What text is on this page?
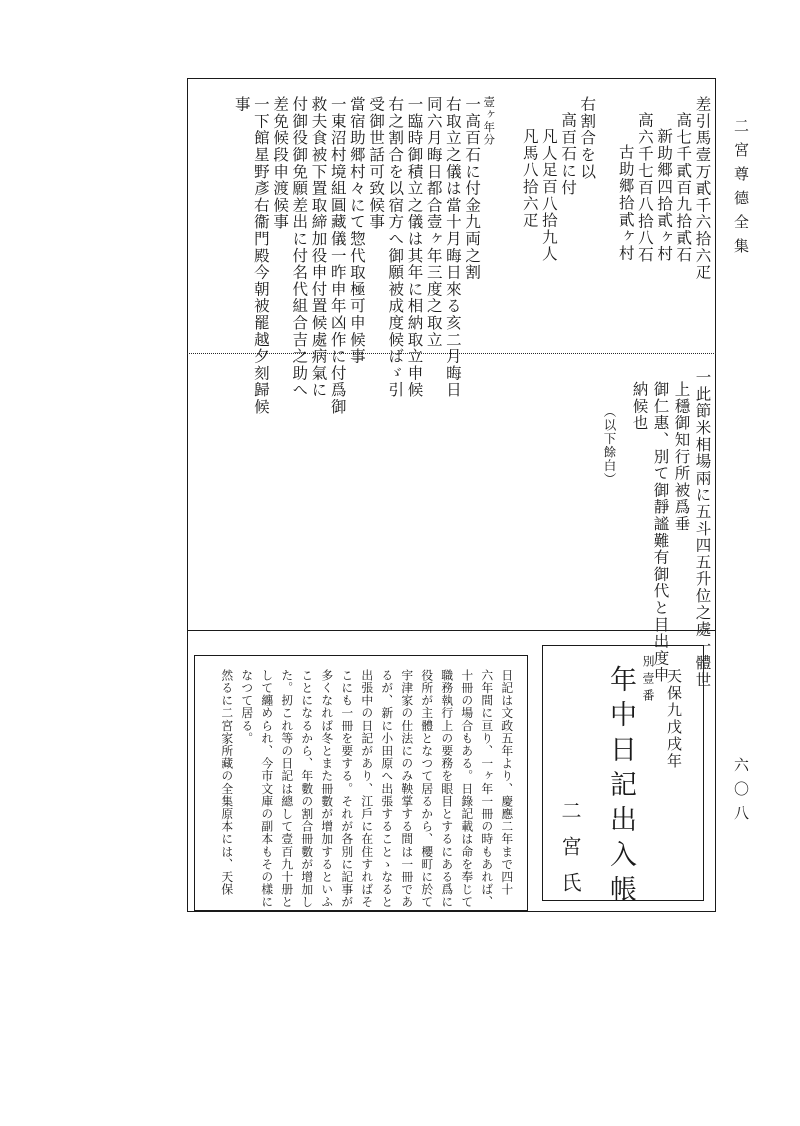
二宮尊德全集
六〇八
差引馬壹万貳千六拾六疋
高七千貳百九拾貳石
新助郷四拾貳ヶ村
高六千七百八拾八石
古助郷拾貳ヶ村
右割合を以
高百石に付
凡人足百八拾九人
凡馬八拾六疋
壹ヶ年分
一高百石に付金九両之割
右取立之儀は當十月晦日來る亥二月晦日
同六月晦日都合壹ヶ年三度之取立
一臨時御積立之儀は其年に相納取立申候
右之割合を以宿方へ御願被成度候ばゞ引
受御世話可致候事
當宿助郷村々にて惣代取極可申候事
一東沼村境組圓藏儀一昨申年凶作に付爲御
救夫食被下置取締加役申付置候處病氣に
付御役御免願差出に付名代組合吉之助へ
差免候段申渡候事
一下館星野彥右衞門殿今朝被罷越夕刻歸候
事
一此節米相場兩に五斗四五升位之處一體世
上穩御知行所被爲垂
御仁惠、別て御靜謐難有御代と目出度申
納候也
（以下餘白）
天保九戊戌年
別壹番
年中日記出入帳
二宮氏
日記は文政五年より、慶應二年まで四十
六年間に亘り、一ヶ年一冊の時もあれば、
十冊の場合もある。日錄記載は命を奉じて
職務執行上の要務を眼目とするにある爲に
役所が主體となつて居るから、櫻町に於て
宇津家の仕法にのみ鞅掌する間は一冊であ
るが、新に小田原へ出張することゝなると
出張中の日記があり、江戶に在住すればそ
こにも一冊を要する。それが各別に記事が
多くなれば冬とまた冊數が增加するといふ
ことになるから、年數の割合冊數が增加し
た。扨これ等の日記は總して壹百九十册と
して纏められ、今市文庫の副本もその樣に
なつて居る。
然るに二宮家所藏の全集原本には、天保
